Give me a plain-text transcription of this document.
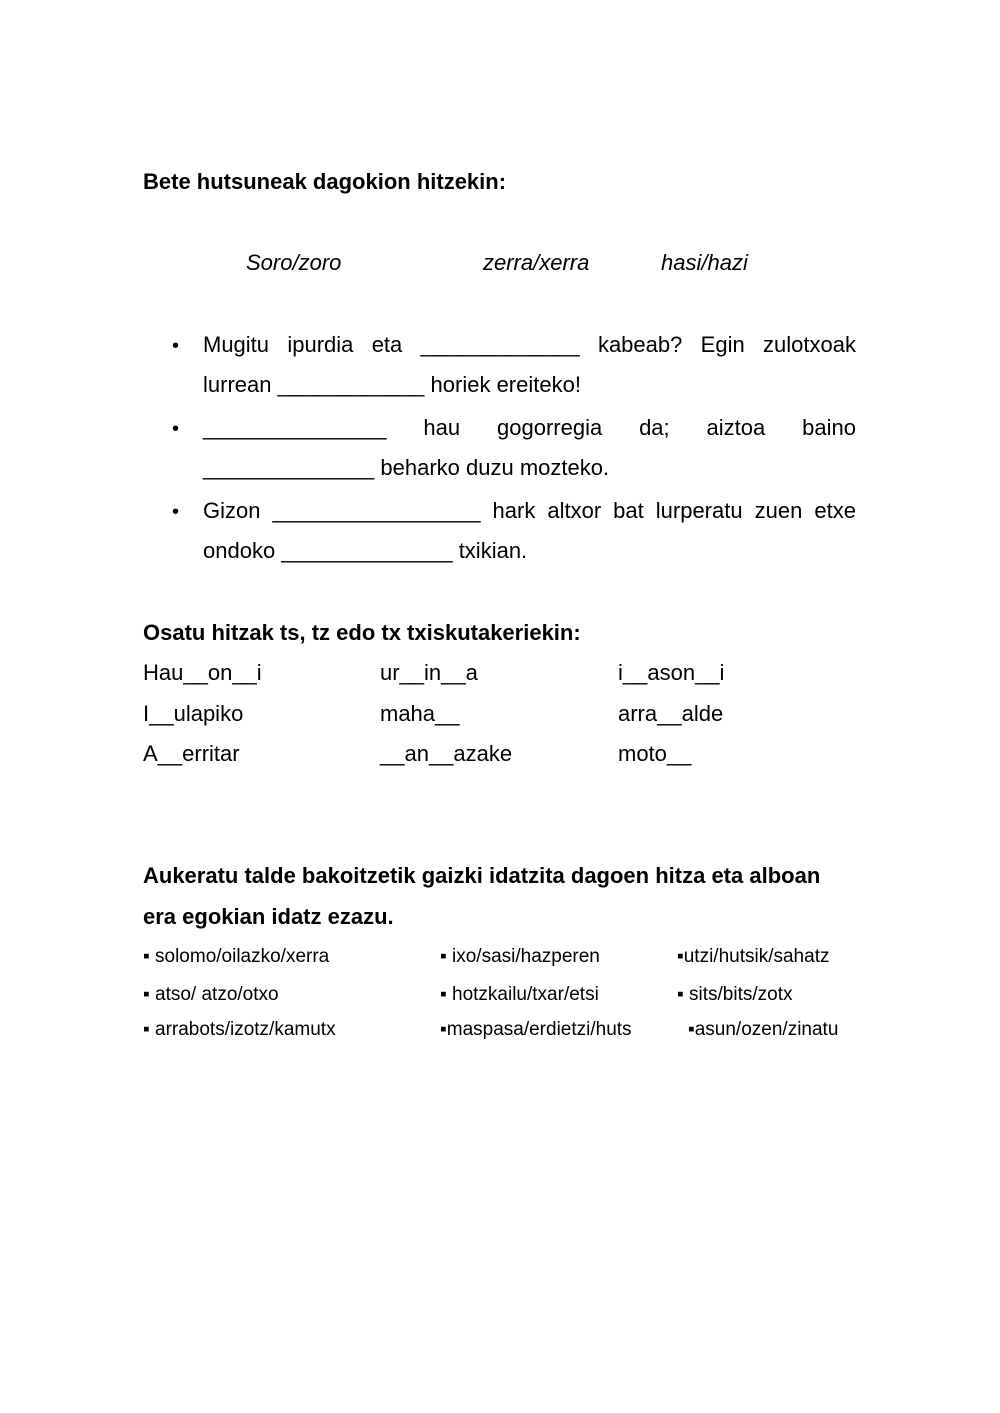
Bete hutsuneak dagokion hitzekin:
Soro/zoro	zerra/xerra	hasi/hazi
• Mugitu ipurdia eta _____________ kabeab? Egin zulotxoak
lurrean ____________ horiek ereiteko!
• _______________ hau gogorregia da; aiztoa baino
______________ beharko duzu mozteko.
• Gizon _________________ hark altxor bat lurperatu zuen etxe
ondoko ______________ txikian.
Osatu hitzak ts, tz edo tx txiskutakeriekin:
Hau__on__i	ur__in__a	i__ason__i
I__ulapiko	maha__	arra__alde
A__erritar	__an__azake	moto__
Aukeratu talde bakoitzetik gaizki idatzita dagoen hitza eta alboan
era egokian idatz ezazu.
▪ solomo/oilazko/xerra	▪ ixo/sasi/hazperen	▪utzi/hutsik/sahatz
▪ atso/ atzo/otxo	▪ hotzkailu/txar/etsi	▪ sits/bits/zotx
▪ arrabots/izotz/kamutx	▪maspasa/erdietzi/huts	▪asun/ozen/zinatu
